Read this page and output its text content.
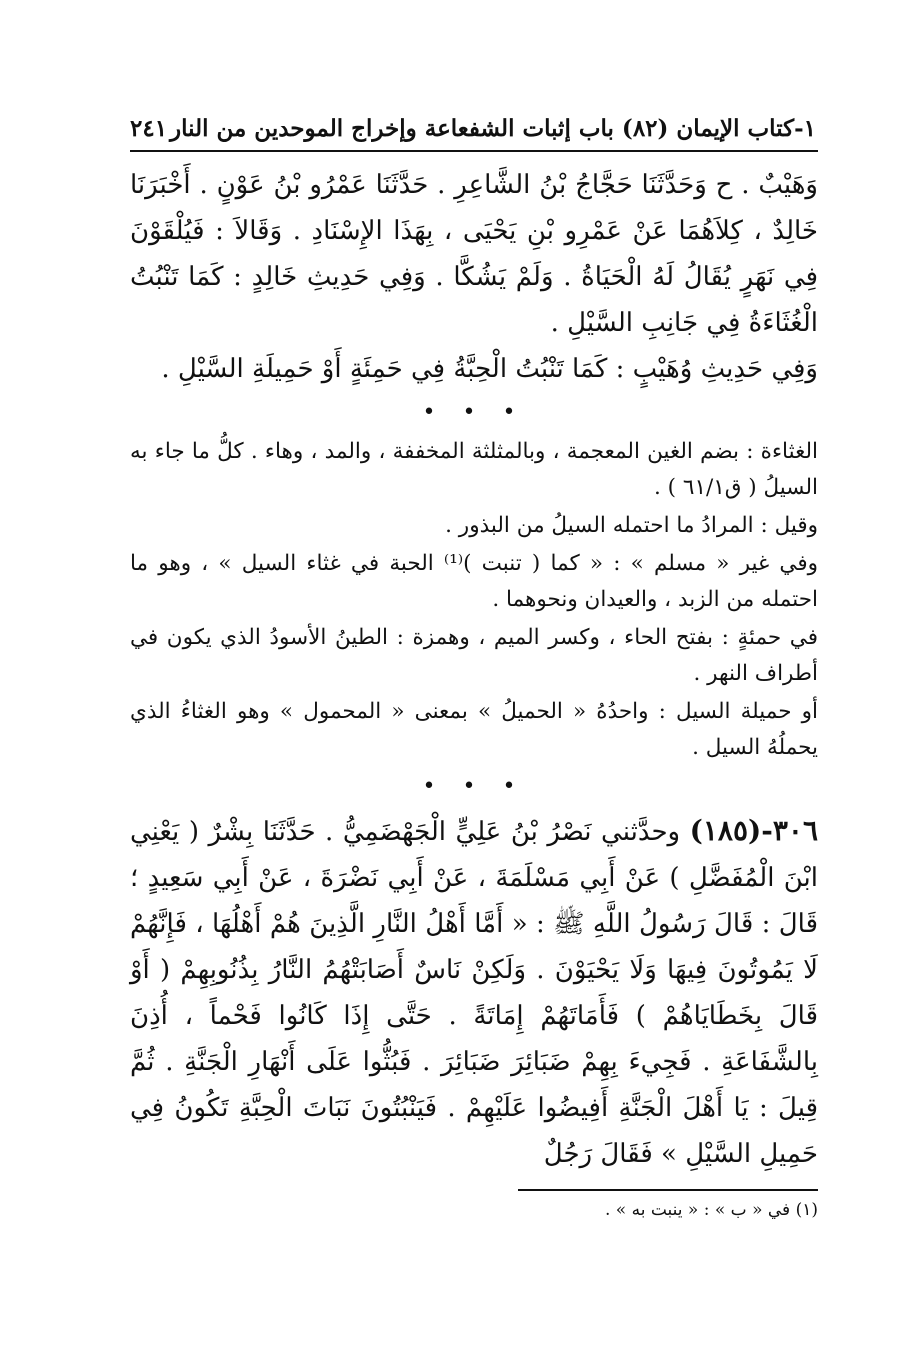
١-كتاب الإيمان (٨٢) باب إثبات الشفعاعة وإخراج الموحدين من النار
٢٤١

وَهَيْبٌ . ح وَحَدَّثَنَا حَجَّاجُ بْنُ الشَّاعِرِ . حَدَّثَنَا عَمْرُو بْنُ عَوْنٍ . أَخْبَرَنَا خَالِدٌ ، كِلاَهُمَا عَنْ عَمْرِو بْنِ يَحْيَى ، بِهَذَا الإِسْنَادِ . وَقَالاَ : فَيُلْقَوْنَ فِي نَهَرٍ يُقَالُ لَهُ الْحَيَاةُ . وَلَمْ يَشُكَّا . وَفِي حَدِيثِ خَالِدٍ : كَمَا تَنْبُتُ الْغُثَاءَةُ فِي جَانِبِ السَّيْلِ .

وَفِي حَدِيثِ وُهَيْبٍ : كَمَا تَنْبُتُ الْحِبَّةُ فِي حَمِئَةٍ أَوْ حَمِيلَةِ السَّيْلِ .

• • •

الغثاءة : بضم الغين المعجمة ، وبالمثلثة المخففة ، والمد ، وهاء . كلُّ ما جاء به السيلُ ( ق٦١/١ ) .

وقيل : المرادُ ما احتمله السيلُ من البذور .

وفي غير « مسلم » : « كما ( تنبت )⁽¹⁾ الحبة في غثاء السيل » ، وهو ما احتمله من الزبد ، والعيدان ونحوهما .

في حمئةٍ : بفتح الحاء ، وكسر الميم ، وهمزة : الطينُ الأسودُ الذي يكون في أطراف النهر .

أو حميلة السيل : واحدُهُ « الحميلُ » بمعنى « المحمول » وهو الغثاءُ الذي يحملُهُ السيل .

• • •

٣٠٦-(١٨٥) وحدَّثني نَصْرُ بْنُ عَلِيٍّ الْجَهْضَمِيُّ . حَدَّثَنَا بِشْرٌ ( يَعْنِي ابْنَ الْمُفَضَّلِ ) عَنْ أَبِي مَسْلَمَةَ ، عَنْ أَبِي نَضْرَةَ ، عَنْ أَبِي سَعِيدٍ ؛ قَالَ : قَالَ رَسُولُ اللَّهِ ﷺ : « أَمَّا أَهْلُ النَّارِ الَّذِينَ هُمْ أَهْلُهَا ، فَإِنَّهُمْ لَا يَمُوتُونَ فِيهَا وَلَا يَحْيَوْنَ . وَلَكِنْ نَاسٌ أَصَابَتْهُمُ النَّارُ بِذُنُوبِهِمْ ( أَوْ قَالَ بِخَطَايَاهُمْ ) فَأَمَاتَهُمْ إِمَاتَةً . حَتَّى إِذَا كَانُوا فَحْماً ، أُذِنَ بِالشَّفَاعَةِ . فَجِيءَ بِهِمْ ضَبَائِرَ ضَبَائِرَ . فَبُثُّوا عَلَى أَنْهَارِ الْجَنَّةِ . ثُمَّ قِيلَ : يَا أَهْلَ الْجَنَّةِ أَفِيضُوا عَلَيْهِمْ . فَيَنْبُتُونَ نَبَاتَ الْحِبَّةِ تَكُونُ فِي حَمِيلِ السَّيْلِ » فَقَالَ رَجُلٌ

(١) في « ب » : « ينبت به » .
